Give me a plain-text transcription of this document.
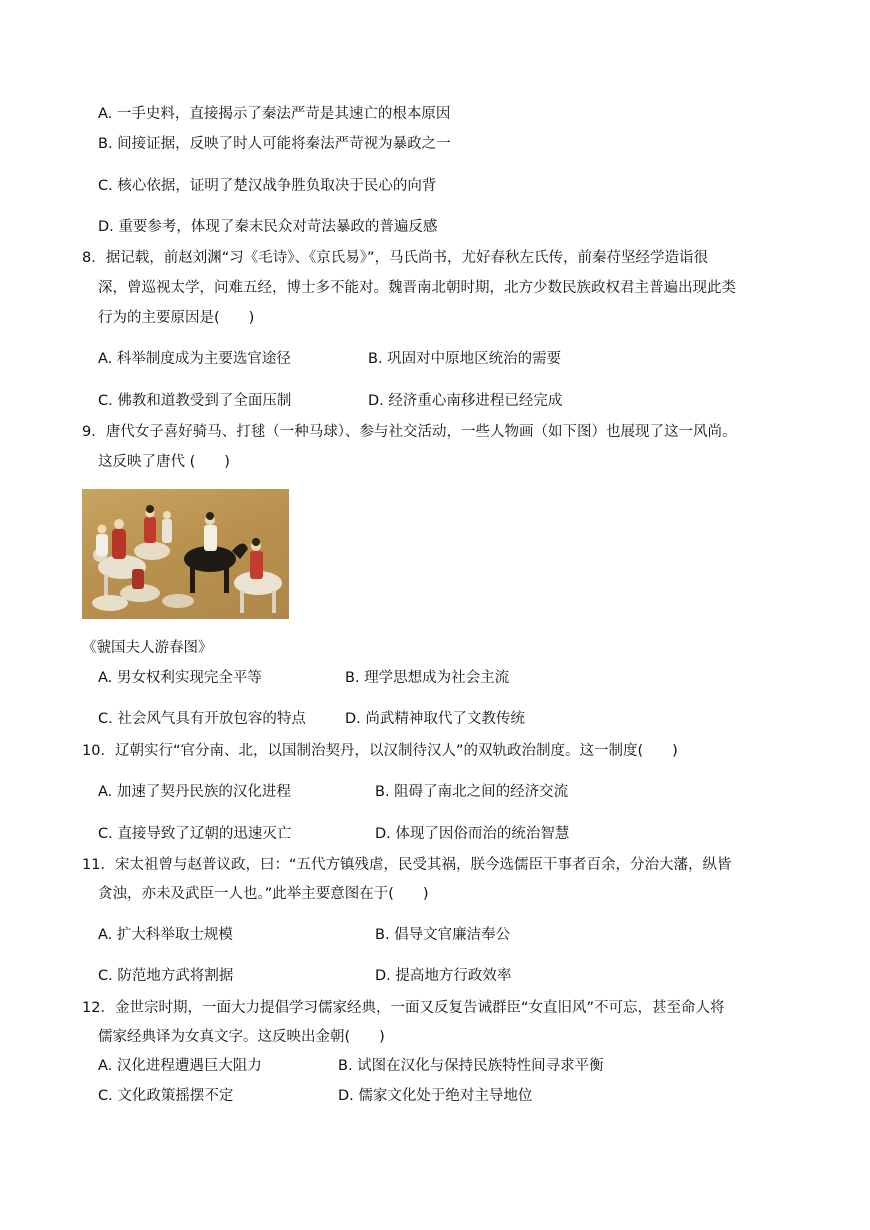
A. 一手史料，直接揭示了秦法严苛是其速亡的根本原因
B. 间接证据，反映了时人可能将秦法严苛视为暴政之一
C. 核心依据，证明了楚汉战争胜负取决于民心的向背
D. 重要参考，体现了秦末民众对苛法暴政的普遍反感
8．据记载，前赵刘渊“习《毛诗》、《京氏易》”，马氏尚书，尤好春秋左氏传，前秦苻坚经学造诣很
深，曾巡视太学，问难五经，博士多不能对。魏晋南北朝时期，北方少数民族政权君主普遍出现此类
行为的主要原因是(　　)
A. 科举制度成为主要选官途径	B. 巩固对中原地区统治的需要
C. 佛教和道教受到了全面压制	D. 经济重心南移进程已经完成
9．唐代女子喜好骑马、打毬（一种马球）、参与社交活动，一些人物画（如下图）也展现了这一风尚。
这反映了唐代 (　　)
《虢国夫人游春图》
A. 男女权利实现完全平等	B. 理学思想成为社会主流
C. 社会风气具有开放包容的特点	D. 尚武精神取代了文教传统
10．辽朝实行“官分南、北，以国制治契丹，以汉制待汉人”的双轨政治制度。这一制度(　　)
A. 加速了契丹民族的汉化进程	B. 阻碍了南北之间的经济交流
C. 直接导致了辽朝的迅速灭亡	D. 体现了因俗而治的统治智慧
11．宋太祖曾与赵普议政，曰：“五代方镇残虐，民受其祸，朕今选儒臣干事者百余，分治大藩，纵皆
贪浊，亦未及武臣一人也。”此举主要意图在于(　　)
A. 扩大科举取士规模	B. 倡导文官廉洁奉公
C. 防范地方武将割据	D. 提高地方行政效率
12．金世宗时期，一面大力提倡学习儒家经典，一面又反复告诫群臣“女直旧风”不可忘，甚至命人将
儒家经典译为女真文字。这反映出金朝(　　)
A. 汉化进程遭遇巨大阻力	B. 试图在汉化与保持民族特性间寻求平衡
C. 文化政策摇摆不定	D. 儒家文化处于绝对主导地位
